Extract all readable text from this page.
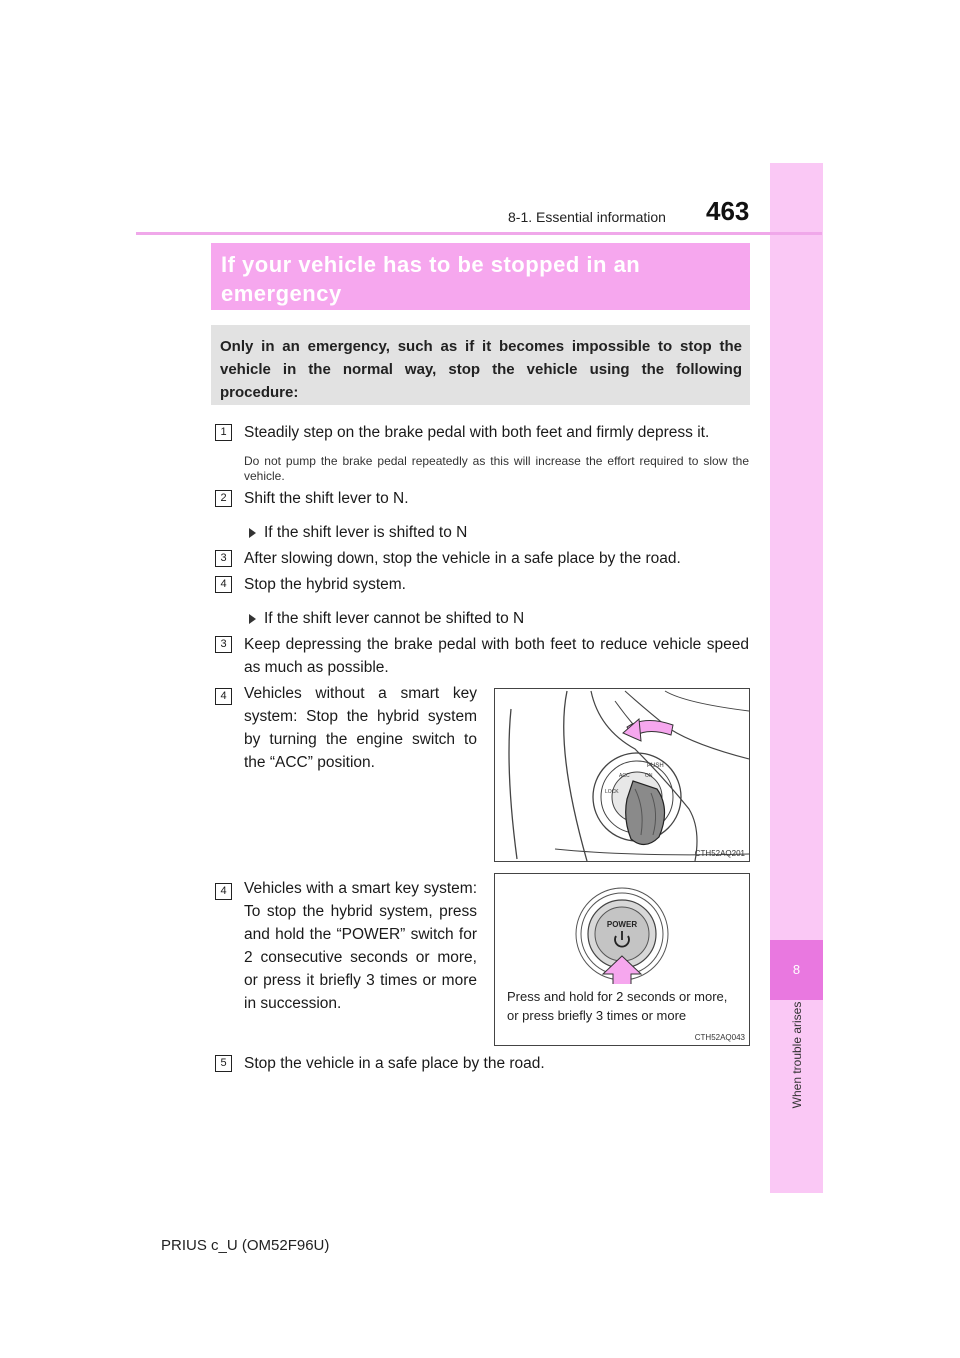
8
When trouble arises
8-1. Essential information 463
If your vehicle has to be stopped in an emergency
Only in an emergency, such as if it becomes impossible to stop the vehicle in the normal way, stop the vehicle using the following procedure:
1	Steadily step on the brake pedal with both feet and firmly depress it.
Do not pump the brake pedal repeatedly as this will increase the effort required to slow the vehicle.
2	Shift the shift lever to N.
If the shift lever is shifted to N
3	After slowing down, stop the vehicle in a safe place by the road.
4	Stop the hybrid system.
If the shift lever cannot be shifted to N
3	Keep depressing the brake pedal with both feet to reduce vehicle speed as much as possible.
4	Vehicles without a smart key system: Stop the hybrid system by turning the engine switch to the “ACC” position.	PUSH
ACC	ON
LOCK
CTH52AQ201
4	Vehicles with a smart key system: To stop the hybrid system, press and hold the “POWER” switch for 2 consecutive seconds or more, or press it briefly 3 times or more in succession.
POWER
Press and hold for 2 seconds or more, or press briefly 3 times or more
CTH52AQ043
5	Stop the vehicle in a safe place by the road.
PRIUS c_U (OM52F96U)
